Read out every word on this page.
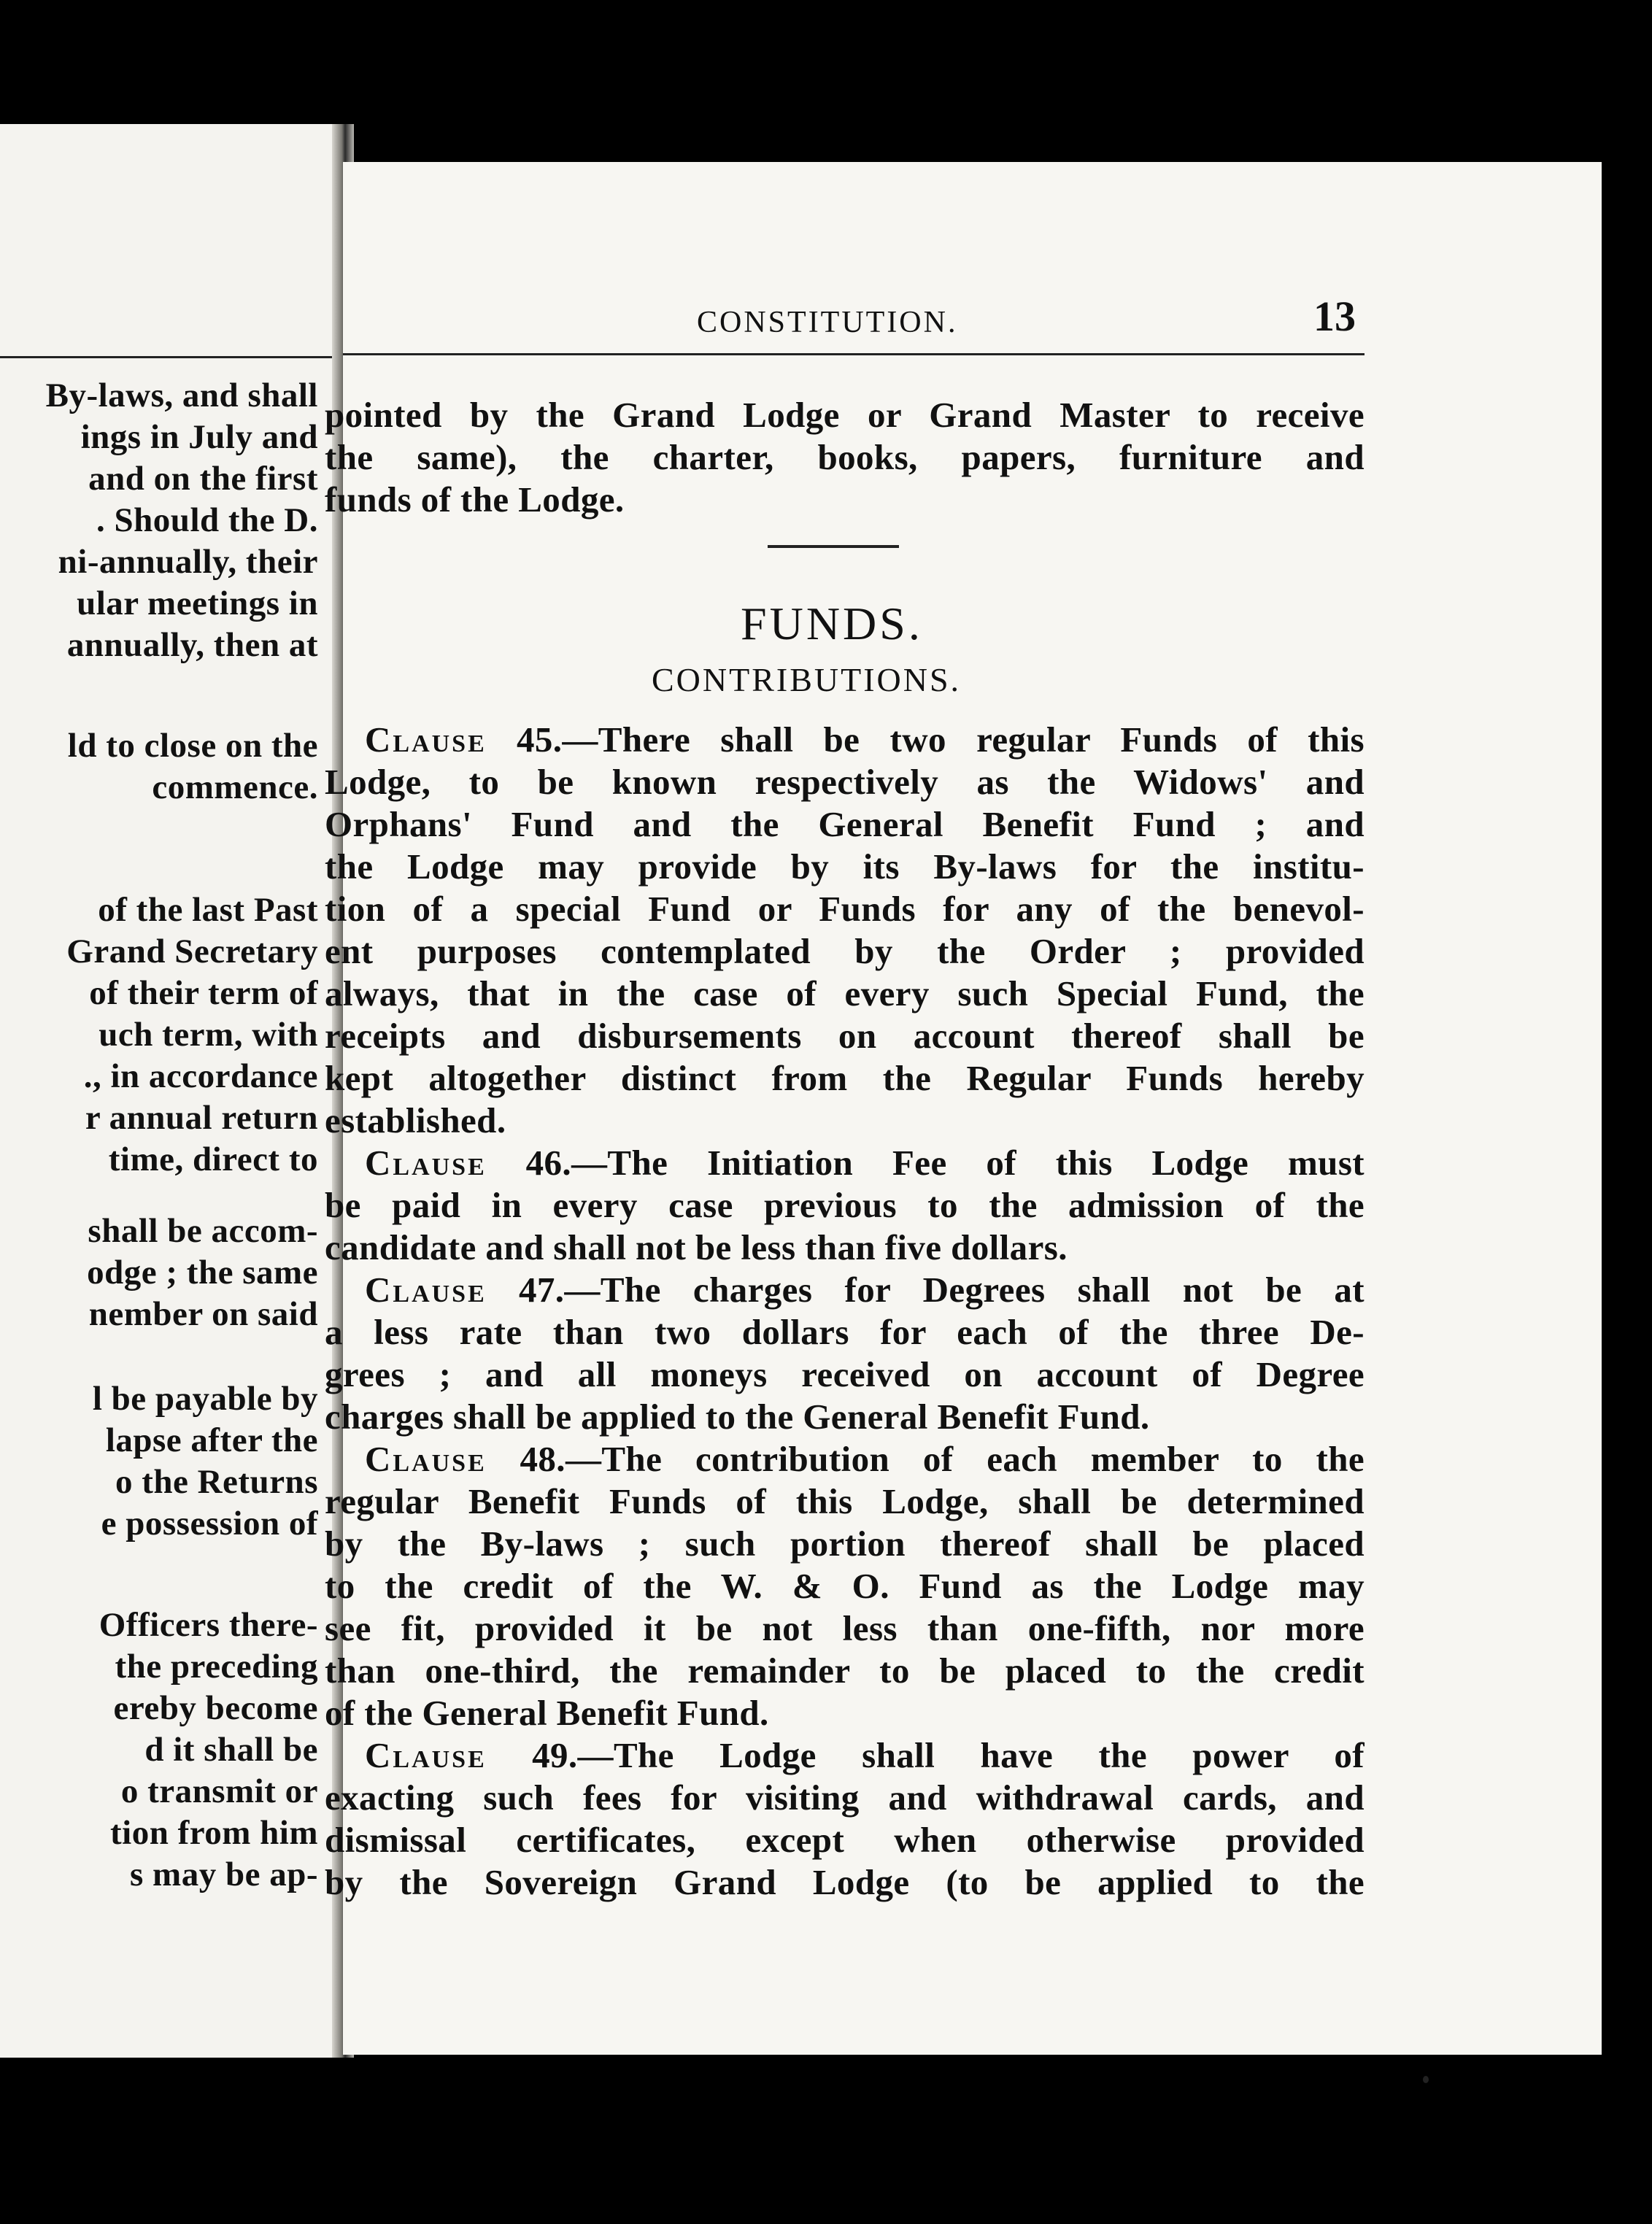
By-laws, and shall
ings in July and
and on the first
. Should the D.
ni-annually, their
ular meetings in
annually, then at
ld to close on the
commence.
of the last Past
Grand Secretary
of their term of
uch term, with
., in accordance
r annual return
time, direct to
shall be accom-
odge ; the same
nember on said
l be payable by
lapse after the
o the Returns
e possession of
Officers there-
the preceding
ereby become
d it shall be
o transmit or
tion from him
s may be ap-
CONSTITUTION.	13
pointed by the Grand Lodge or Grand Master to receive
the same), the charter, books, papers, furniture and
funds of the Lodge.
FUNDS.
CONTRIBUTIONS.
Clause 45.—There shall be two regular Funds of this
Lodge, to be known respectively as the Widows' and
Orphans' Fund and the General Benefit Fund ; and
the Lodge may provide by its By-laws for the institu-
tion of a special Fund or Funds for any of the benevol-
ent purposes contemplated by the Order ; provided
always, that in the case of every such Special Fund, the
receipts and disbursements on account thereof shall be
kept altogether distinct from the Regular Funds hereby
established.
Clause 46.—The Initiation Fee of this Lodge must
be paid in every case previous to the admission of the
candidate and shall not be less than five dollars.
Clause 47.—The charges for Degrees shall not be at
a less rate than two dollars for each of the three De-
grees ; and all moneys received on account of Degree
charges shall be applied to the General Benefit Fund.
Clause 48.—The contribution of each member to the
regular Benefit Funds of this Lodge, shall be determined
by the By-laws ; such portion thereof shall be placed
to the credit of the W. & O. Fund as the Lodge may
see fit, provided it be not less than one-fifth, nor more
than one-third, the remainder to be placed to the credit
of the General Benefit Fund.
Clause 49.—The Lodge shall have the power of
exacting such fees for visiting and withdrawal cards, and
dismissal certificates, except when otherwise provided
by the Sovereign Grand Lodge (to be applied to the
